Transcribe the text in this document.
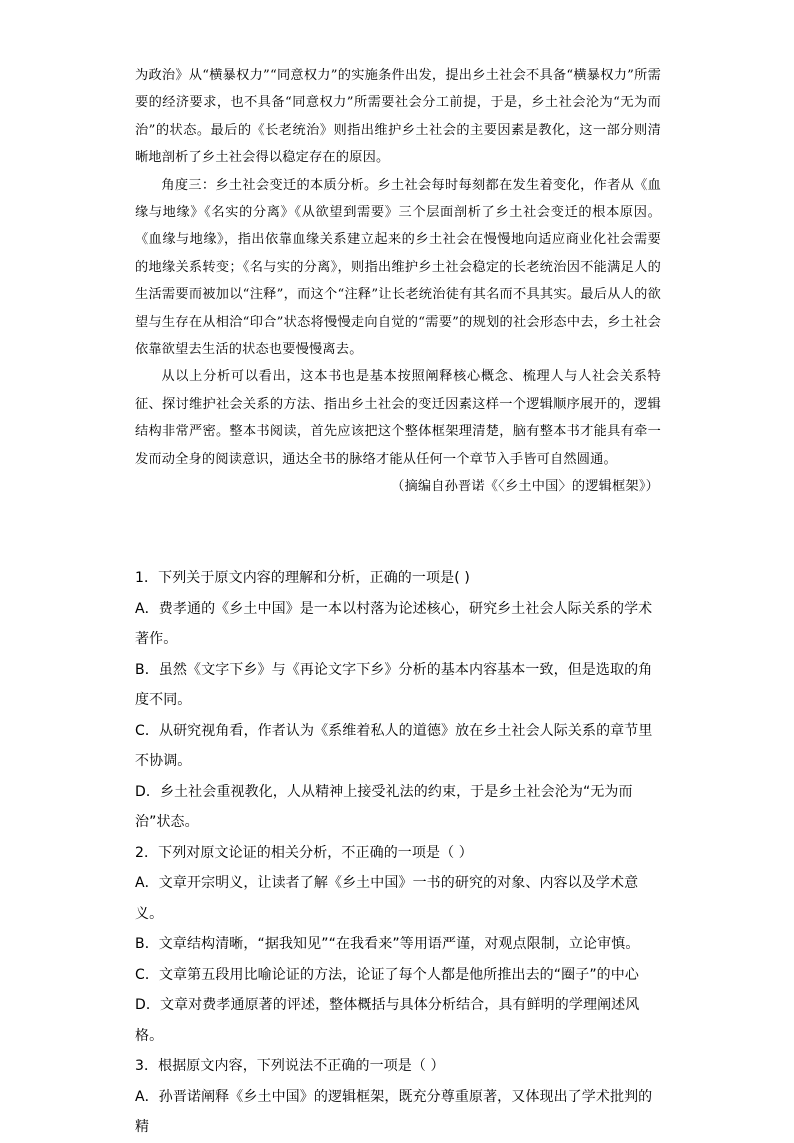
为政治》从“横暴权力”“同意权力”的实施条件出发，提出乡土社会不具备“横暴权力”所需要的经济要求，也不具备“同意权力”所需要社会分工前提，于是，乡土社会沦为“无为而治”的状态。最后的《长老统治》则指出维护乡土社会的主要因素是教化，这一部分则清晰地剖析了乡土社会得以稳定存在的原因。

角度三：乡土社会变迁的本质分析。乡土社会每时每刻都在发生着变化，作者从《血缘与地缘》《名实的分离》《从欲望到需要》三个层面剖析了乡土社会变迁的根本原因。《血缘与地缘》，指出依靠血缘关系建立起来的乡土社会在慢慢地向适应商业化社会需要的地缘关系转变；《名与实的分离》，则指出维护乡土社会稳定的长老统治因不能满足人的生活需要而被加以“注释”，而这个“注释”让长老统治徒有其名而不具其实。最后从人的欲望与生存在从相洽“印合”状态将慢慢走向自觉的“需要”的规划的社会形态中去，乡土社会依靠欲望去生活的状态也要慢慢离去。

从以上分析可以看出，这本书也是基本按照阐释核心概念、梳理人与人社会关系特征、探讨维护社会关系的方法、指出乡土社会的变迁因素这样一个逻辑顺序展开的，逻辑结构非常严密。整本书阅读，首先应该把这个整体框架理清楚，脑有整本书才能具有牵一发而动全身的阅读意识，通达全书的脉络才能从任何一个章节入手皆可自然圆通。

（摘编自孙晋诺《〈乡土中国〉的逻辑框架》）

1．下列关于原文内容的理解和分析，正确的一项是( )

A．费孝通的《乡土中国》是一本以村落为论述核心，研究乡土社会人际关系的学术著作。

B．虽然《文字下乡》与《再论文字下乡》分析的基本内容基本一致，但是选取的角度不同。

C．从研究视角看，作者认为《系维着私人的道德》放在乡土社会人际关系的章节里不协调。

D．乡土社会重视教化，人从精神上接受礼法的约束，于是乡土社会沦为“无为而治”状态。

2．下列对原文论证的相关分析，不正确的一项是（ ）

A．文章开宗明义，让读者了解《乡土中国》一书的研究的对象、内容以及学术意义。

B．文章结构清晰，“据我知见”“在我看来”等用语严谨，对观点限制，立论审慎。

C．文章第五段用比喻论证的方法，论证了每个人都是他所推出去的“圈子”的中心

D．文章对费孝通原著的评述，整体概括与具体分析结合，具有鲜明的学理阐述风格。

3．根据原文内容，下列说法不正确的一项是（ ）

A．孙晋诺阐释《乡土中国》的逻辑框架，既充分尊重原著，又体现出了学术批判的精
